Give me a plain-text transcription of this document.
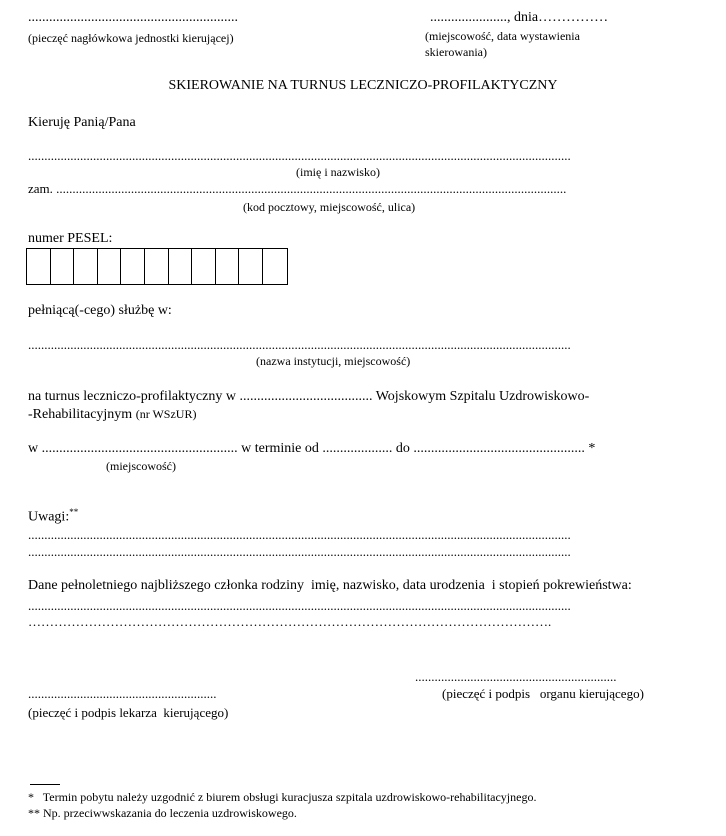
............................................................
(pieczęć nagłówkowa jednostki kierującej)
......................, dnia……………
(miejscowość, data wystawienia
skierowania)
SKIEROWANIE NA TURNUS LECZNICZO-PROFILAKTYCZNY
Kieruję Panią/Pana
.......................................................................................................................................................................
(imię i nazwisko)
zam. .............................................................................................................................................................
(kod pocztowy, miejscowość, ulica)
numer PESEL:
pełniącą(-cego) służbę w:
.......................................................................................................................................................................
(nazwa instytucji, miejscowość)
na turnus leczniczo-profilaktyczny w ...................................... Wojskowym Szpitalu Uzdrowiskowo-
-Rehabilitacyjnym (nr WSzUR)
w ........................................................ w terminie od .................... do ................................................. *
(miejscowość)
Uwagi:**
.......................................................................................................................................................................
.......................................................................................................................................................................
Dane pełnoletniego najbliższego członka rodziny  imię, nazwisko, data urodzenia  i stopień pokrewieństwa:
.......................................................................................................................................................................
………………………………………………………………………………………………………….
..............................................................
(pieczęć i podpis   organu kierującego)
..........................................................
(pieczęć i podpis lekarza  kierującego)
*   Termin pobytu należy uzgodnić z biurem obsługi kuracjusza szpitala uzdrowiskowo-rehabilitacyjnego.
** Np. przeciwwskazania do leczenia uzdrowiskowego.
